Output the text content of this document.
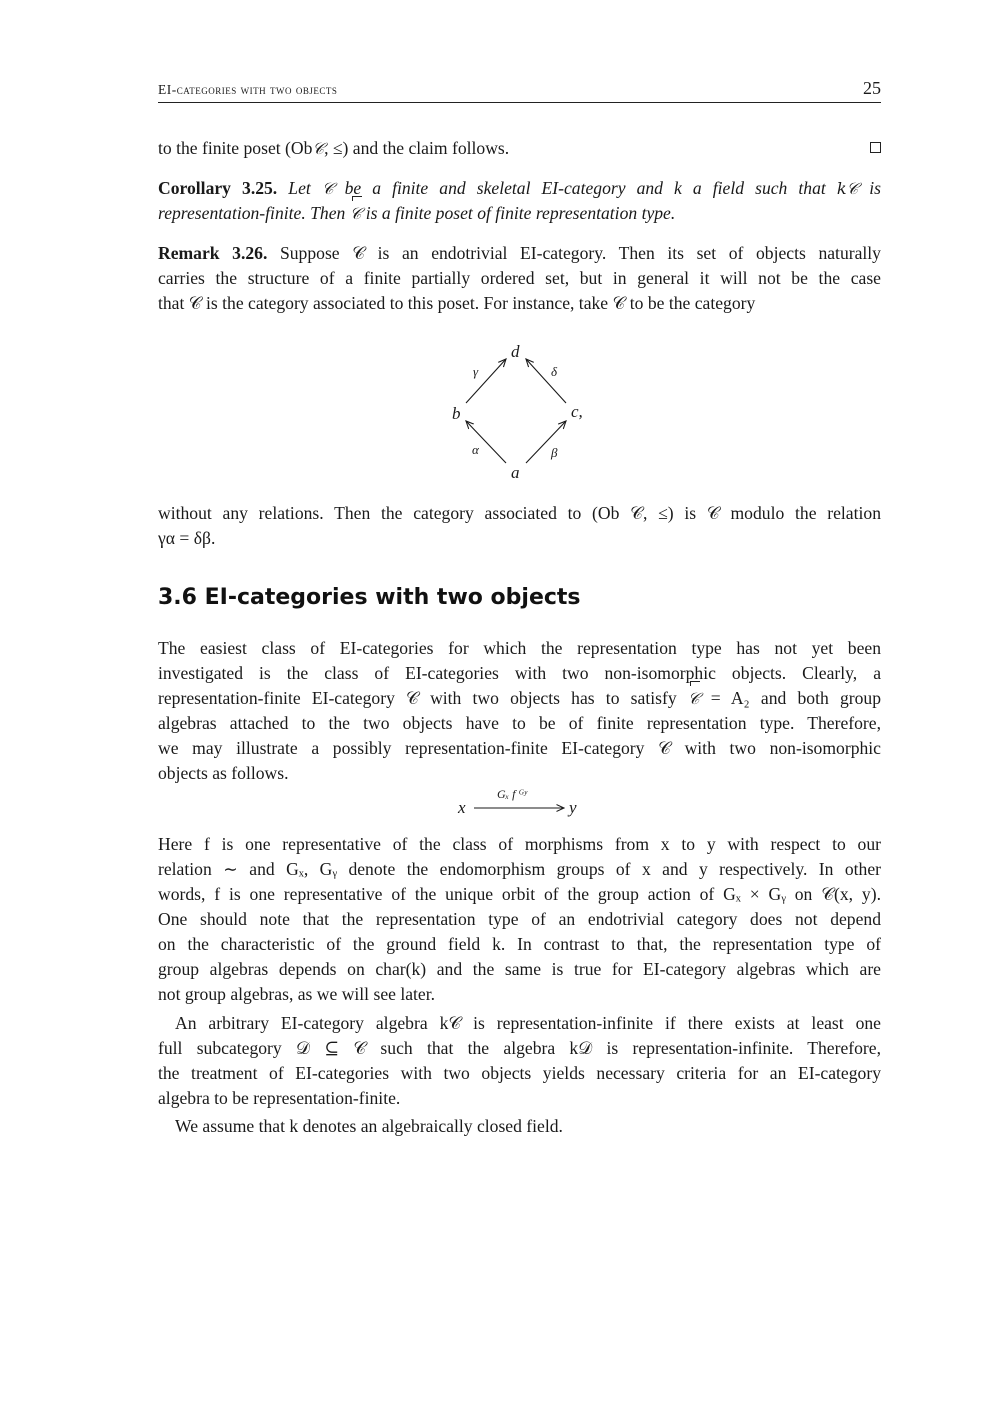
EI-categories with two objects	25
to the finite poset (Ob𝒞, ≤) and the claim follows.
Corollary 3.25. Let 𝒞 be a finite and skeletal EI-category and k a field such that k𝒞 is
representation-finite. Then 𝒞 is a finite poset of finite representation type.
Remark 3.26. Suppose 𝒞 is an endotrivial EI-category. Then its set of objects naturally
carries the structure of a finite partially ordered set, but in general it will not be the case
that 𝒞 is the category associated to this poset. For instance, take 𝒞 to be the category
d
b	c,
a
γ	δ
α	β
without any relations. Then the category associated to (Ob 𝒞, ≤) is 𝒞 modulo the relation
γα = δβ.
3.6 EI-categories with two objects
The easiest class of EI-categories for which the representation type has not yet been
investigated is the class of EI-categories with two non-isomorphic objects. Clearly, a
representation-finite EI-category 𝒞 with two objects has to satisfy 𝒞 = A₂ and both group
algebras attached to the two objects have to be of finite representation type. Therefore,
we may illustrate a possibly representation-finite EI-category 𝒞 with two non-isomorphic
objects as follows.
x	y
Gₓ f ᴳʸ
Here f is one representative of the class of morphisms from x to y with respect to our
relation ∼ and Gₓ, Gᵧ denote the endomorphism groups of x and y respectively. In other
words, f is one representative of the unique orbit of the group action of Gₓ × Gᵧ on 𝒞(x, y).
One should note that the representation type of an endotrivial category does not depend
on the characteristic of the ground field k. In contrast to that, the representation type of
group algebras depends on char(k) and the same is true for EI-category algebras which are
not group algebras, as we will see later.
An arbitrary EI-category algebra k𝒞 is representation-infinite if there exists at least one
full subcategory 𝒟 ⊆ 𝒞 such that the algebra k𝒟 is representation-infinite. Therefore,
the treatment of EI-categories with two objects yields necessary criteria for an EI-category
algebra to be representation-finite.
We assume that k denotes an algebraically closed field.
